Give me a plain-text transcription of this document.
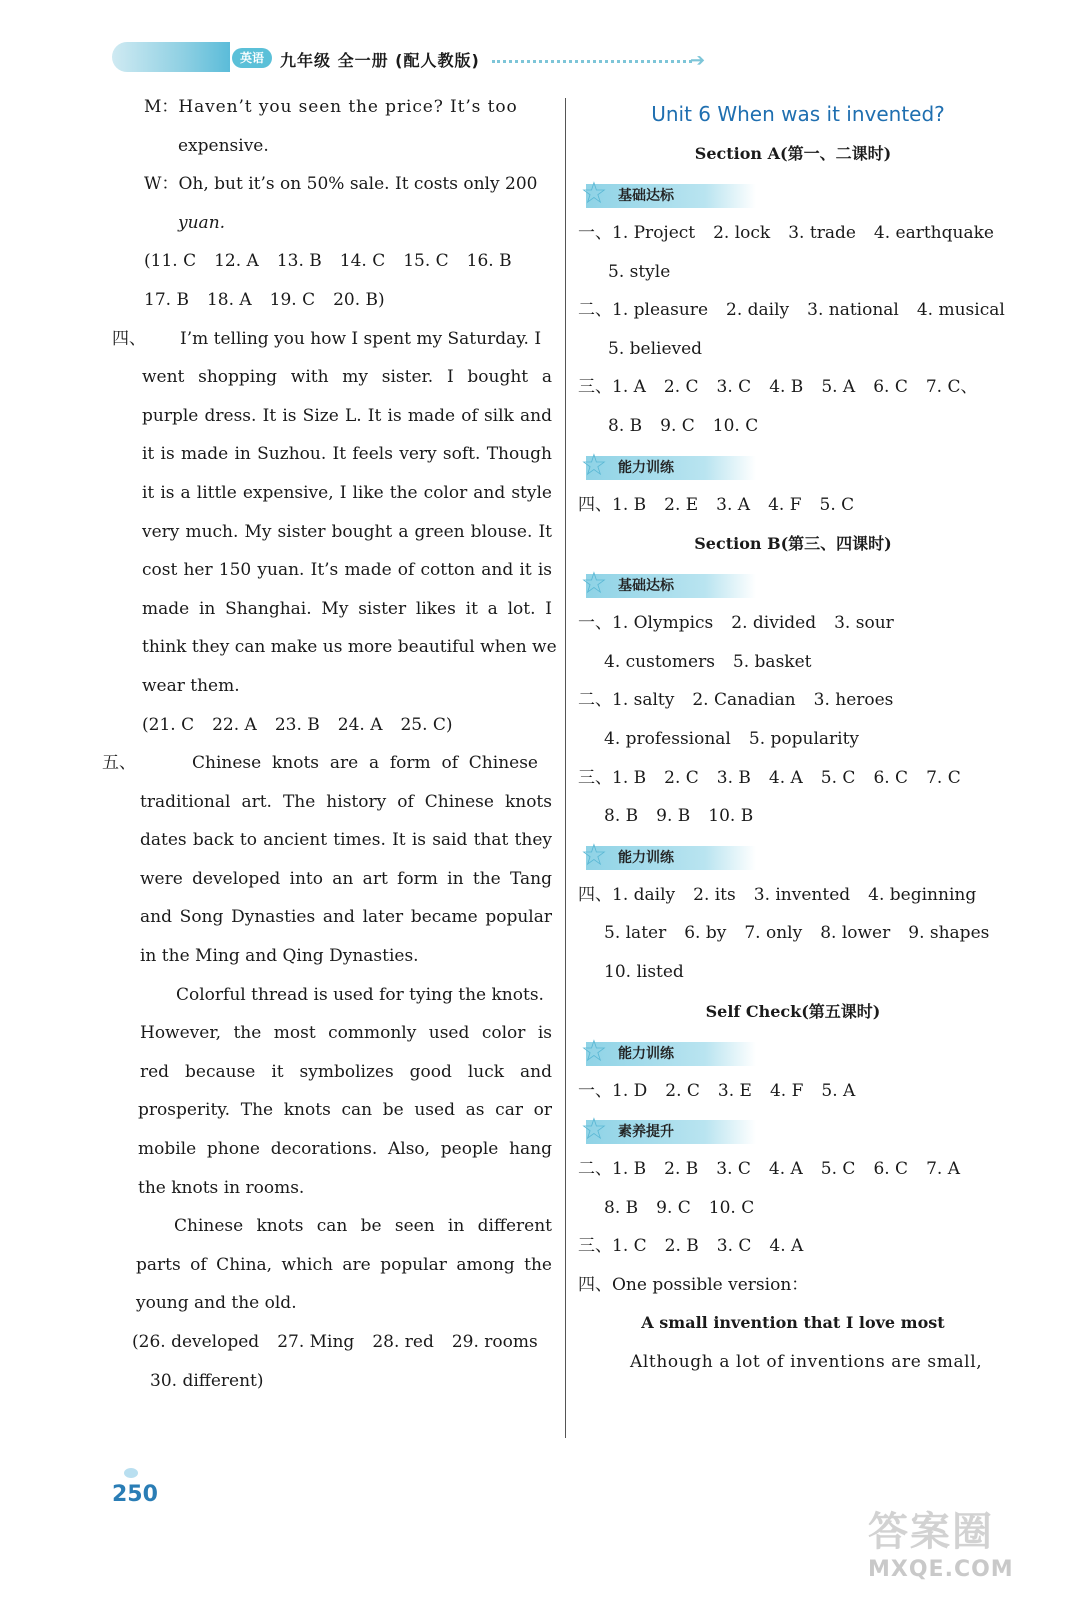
英语	九年级 全一册 (配人教版)	➔
M：Haven’t you seen the price? It’s too
expensive.
W：Oh, but it’s on 50% sale. It costs only 200
yuan.
(11. C 12. A 13. B 14. C 15. C 16. B
17. B 18. A 19. C 20. B)
四、 I’m telling you how I spent my Saturday. I
went shopping with my sister. I bought a
purple dress. It is Size L. It is made of silk and
it is made in Suzhou. It feels very soft. Though
it is a little expensive, I like the color and style
very much. My sister bought a green blouse. It
cost her 150 yuan. It’s made of cotton and it is
made in Shanghai. My sister likes it a lot. I
think they can make us more beautiful when we
wear them.
(21. C 22. A 23. B 24. A 25. C)
五、	Chinese knots are a form of Chinese
traditional art. The history of Chinese knots
dates back to ancient times. It is said that they
were developed into an art form in the Tang
and Song Dynasties and later became popular
in the Ming and Qing Dynasties.
Colorful thread is used for tying the knots.
However, the most commonly used color is
red because it symbolizes good luck and
prosperity. The knots can be used as car or
mobile phone decorations. Also, people hang
the knots in rooms.
Chinese knots can be seen in different
parts of China, which are popular among the
young and the old.
(26. developed 27. Ming 28. red 29. rooms
30. different)
Unit 6 When was it invented?
Section A(第一、二课时)
☆ 基础达标
一、1. Project 2. lock 3. trade 4. earthquake
5. style
二、1. pleasure 2. daily 3. national 4. musical
5. believed
三、1. A 2. C 3. C 4. B 5. A 6. C 7. C、
8. B 9. C 10. C
☆ 能力训练
四、1. B 2. E 3. A 4. F 5. C
Section B(第三、四课时)
☆ 基础达标
一、1. Olympics 2. divided 3. sour
4. customers 5. basket
二、1. salty 2. Canadian 3. heroes
4. professional 5. popularity
三、1. B 2. C 3. B 4. A 5. C 6. C 7. C
8. B 9. B 10. B
☆ 能力训练
四、1. daily 2. its 3. invented 4. beginning
5. later 6. by 7. only 8. lower 9. shapes
10. listed
Self Check(第五课时)
☆ 能力训练
一、1. D 2. C 3. E 4. F 5. A
☆ 素养提升
二、1. B 2. B 3. C 4. A 5. C 6. C 7. A
8. B 9. C 10. C
三、1. C 2. B 3. C 4. A
四、One possible version：
A small invention that I love most
Although a lot of inventions are small,
250
答案圈
MXQE.COM
